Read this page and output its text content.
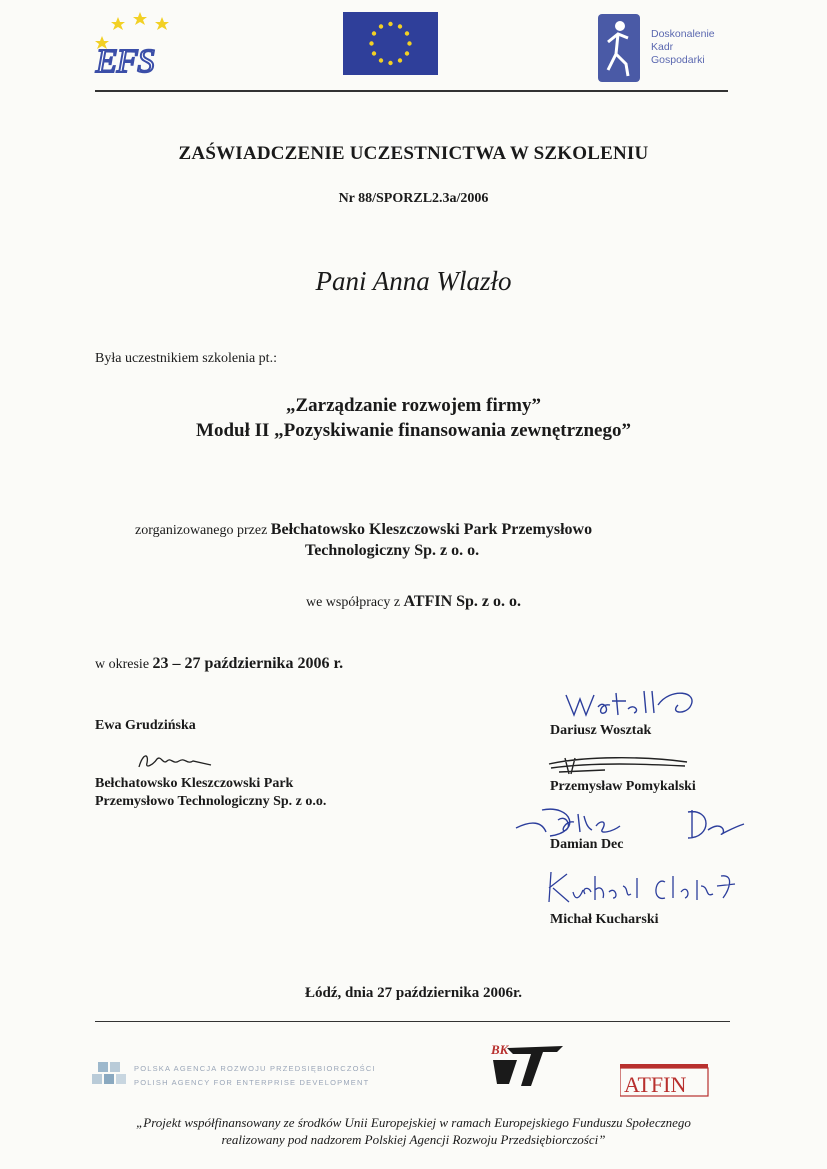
EFS
Doskonalenie
Kadr
Gospodarki
ZAŚWIADCZENIE UCZESTNICTWA W SZKOLENIU
Nr 88/SPORZL2.3a/2006
Pani Anna Wlazło
Była uczestnikiem szkolenia pt.:
„Zarządzanie rozwojem firmy”
Moduł II „Pozyskiwanie finansowania zewnętrznego”
zorganizowanego przez Bełchatowsko Kleszczowski Park Przemysłowo
Technologiczny Sp. z o. o.
we współpracy z ATFIN Sp. z o. o.
w okresie 23 – 27 października 2006 r.
Ewa Grudzińska
Bełchatowsko Kleszczowski Park
Przemysłowo Technologiczny Sp. z o.o.
Dariusz Wosztak
Przemysław Pomykalski
Damian Dec
Michał Kucharski
Łódź, dnia 27 października 2006r.
POLSKA AGENCJA ROZWOJU PRZEDSIĘBIORCZOŚCI
POLISH AGENCY FOR ENTERPRISE DEVELOPMENT
BK
ATFIN
„Projekt współfinansowany ze środków Unii Europejskiej w ramach Europejskiego Funduszu Społecznego
realizowany pod nadzorem Polskiej Agencji Rozwoju Przedsiębiorczości”
